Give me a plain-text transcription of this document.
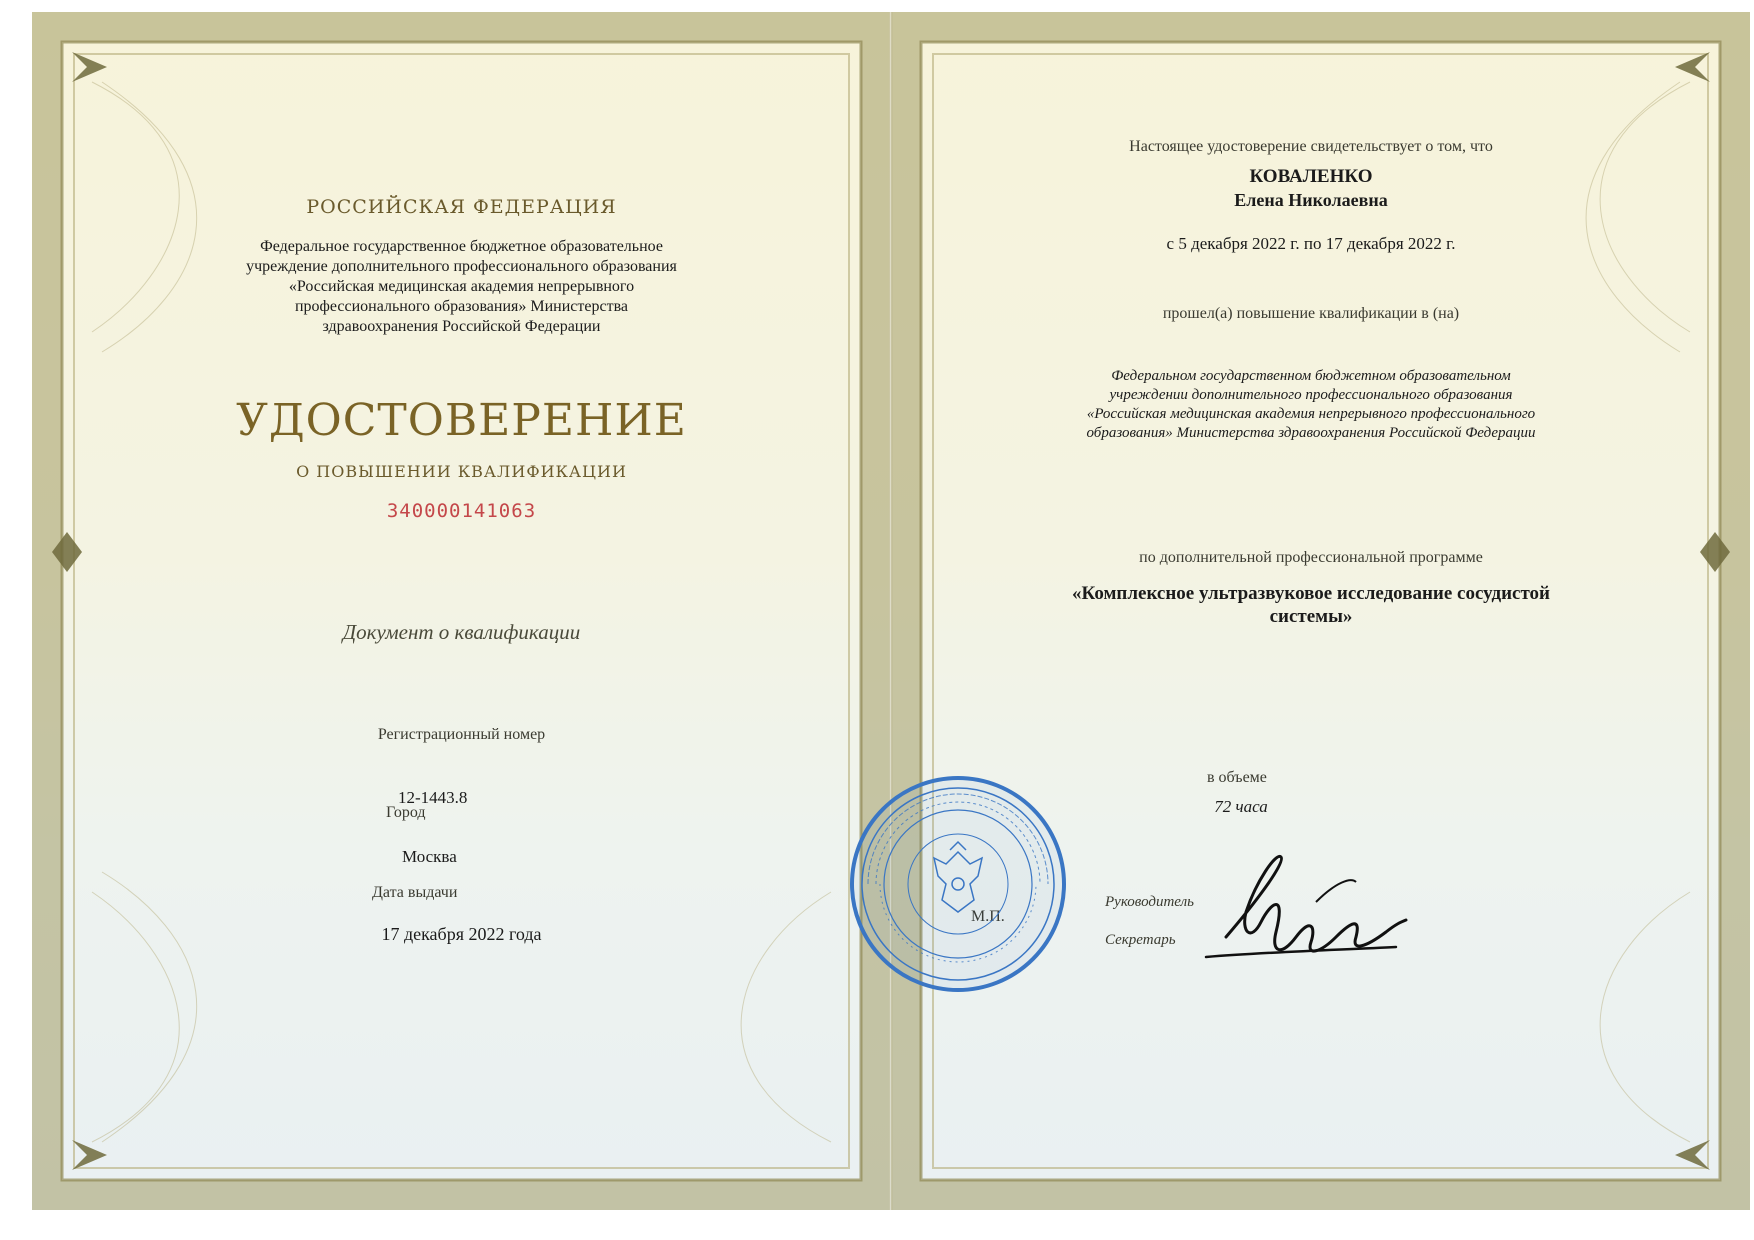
РОССИЙСКАЯ ФЕДЕРАЦИЯ
Федеральное государственное бюджетное образовательное
учреждение дополнительного профессионального образования
«Российская медицинская академия непрерывного
профессионального образования» Министерства
здравоохранения Российской Федерации
УДОСТОВЕРЕНИЕ
О ПОВЫШЕНИИ КВАЛИФИКАЦИИ
340000141063
Документ о квалификации
Регистрационный номер
12-1443.8
Город
Москва
Дата выдачи
17 декабря 2022 года
Настоящее удостоверение свидетельствует о том, что
КОВАЛЕНКО
Елена Николаевна
с 5 декабря 2022 г. по 17 декабря 2022 г.
прошел(а) повышение квалификации в (на)
Федеральном государственном бюджетном образовательном
учреждении дополнительного профессионального образования
«Российская медицинская академия непрерывного профессионального
образования» Министерства здравоохранения Российской Федерации
по дополнительной профессиональной программе
«Комплексное ультразвуковое исследование сосудистой
системы»
в объеме
72 часа
Руководитель
Секретарь
